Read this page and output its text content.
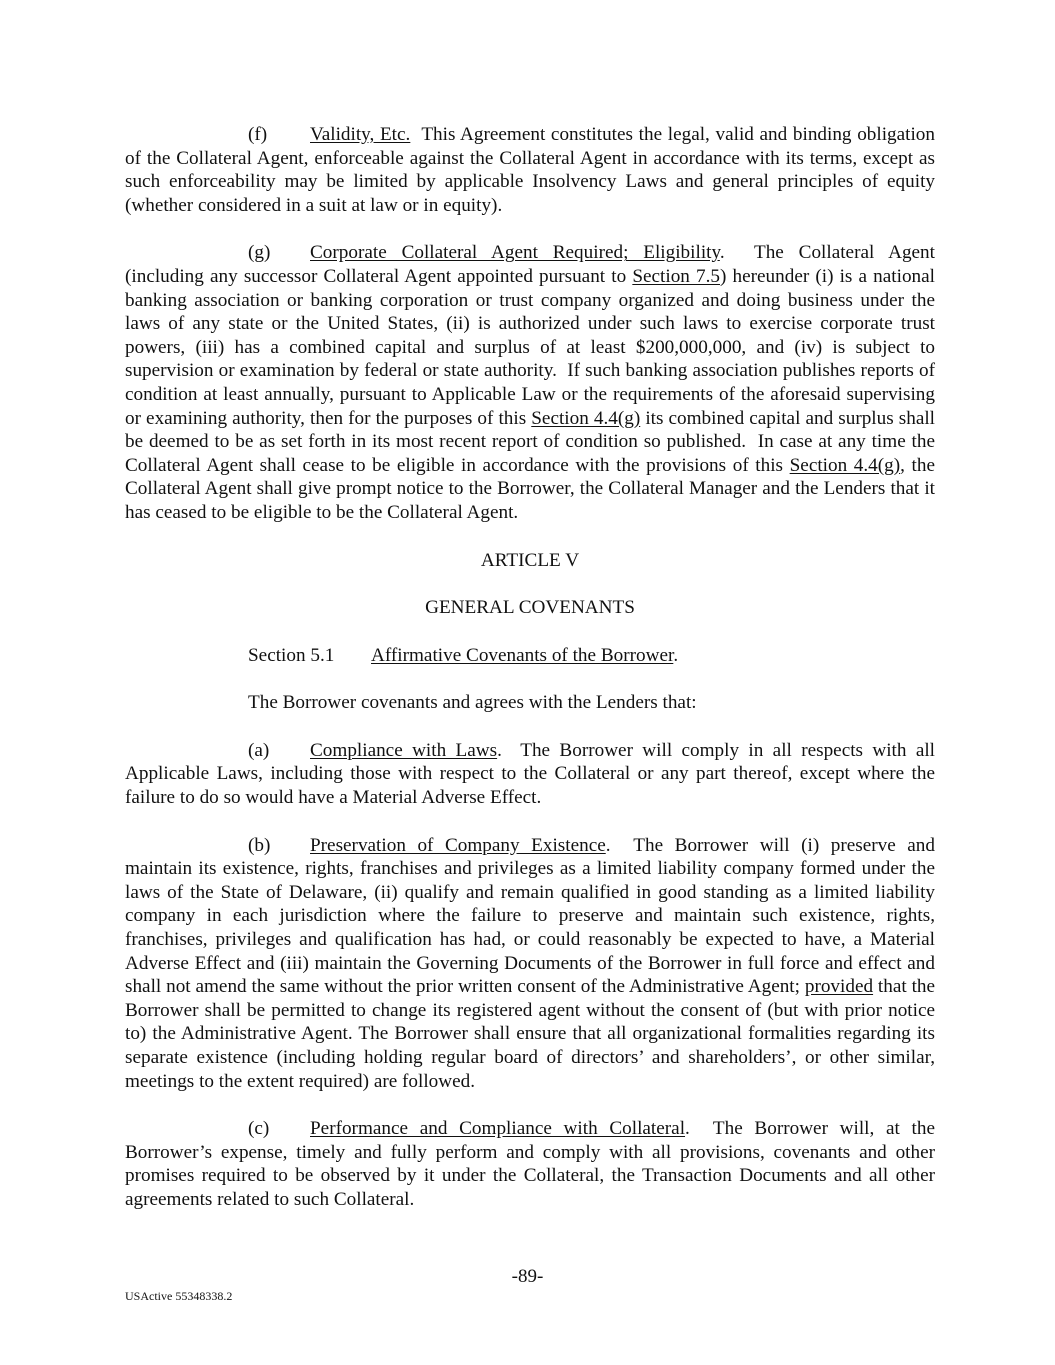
(f) Validity, Etc.  This Agreement constitutes the legal, valid and binding obligation of the Collateral Agent, enforceable against the Collateral Agent in accordance with its terms, except as such enforceability may be limited by applicable Insolvency Laws and general principles of equity (whether considered in a suit at law or in equity).

(g) Corporate Collateral Agent Required; Eligibility.  The Collateral Agent (including any successor Collateral Agent appointed pursuant to Section 7.5) hereunder (i) is a national banking association or banking corporation or trust company organized and doing business under the laws of any state or the United States, (ii) is authorized under such laws to exercise corporate trust powers, (iii) has a combined capital and surplus of at least $200,000,000, and (iv) is subject to supervision or examination by federal or state authority.  If such banking association publishes reports of condition at least annually, pursuant to Applicable Law or the requirements of the aforesaid supervising or examining authority, then for the purposes of this Section 4.4(g) its combined capital and surplus shall be deemed to be as set forth in its most recent report of condition so published.  In case at any time the Collateral Agent shall cease to be eligible in accordance with the provisions of this Section 4.4(g), the Collateral Agent shall give prompt notice to the Borrower, the Collateral Manager and the Lenders that it has ceased to be eligible to be the Collateral Agent.

ARTICLE V
GENERAL COVENANTS

Section 5.1 Affirmative Covenants of the Borrower.

The Borrower covenants and agrees with the Lenders that:

(a) Compliance with Laws.  The Borrower will comply in all respects with all Applicable Laws, including those with respect to the Collateral or any part thereof, except where the failure to do so would have a Material Adverse Effect.

(b) Preservation of Company Existence.  The Borrower will (i) preserve and maintain its existence, rights, franchises and privileges as a limited liability company formed under the laws of the State of Delaware, (ii) qualify and remain qualified in good standing as a limited liability company in each jurisdiction where the failure to preserve and maintain such existence, rights, franchises, privileges and qualification has had, or could reasonably be expected to have, a Material Adverse Effect and (iii) maintain the Governing Documents of the Borrower in full force and effect and shall not amend the same without the prior written consent of the Administrative Agent; provided that the Borrower shall be permitted to change its registered agent without the consent of (but with prior notice to) the Administrative Agent. The Borrower shall ensure that all organizational formalities regarding its separate existence (including holding regular board of directors’ and shareholders’, or other similar, meetings to the extent required) are followed.

(c) Performance and Compliance with Collateral.  The Borrower will, at the Borrower’s expense, timely and fully perform and comply with all provisions, covenants and other promises required to be observed by it under the Collateral, the Transaction Documents and all other agreements related to such Collateral.

-89-
USActive 55348338.2
